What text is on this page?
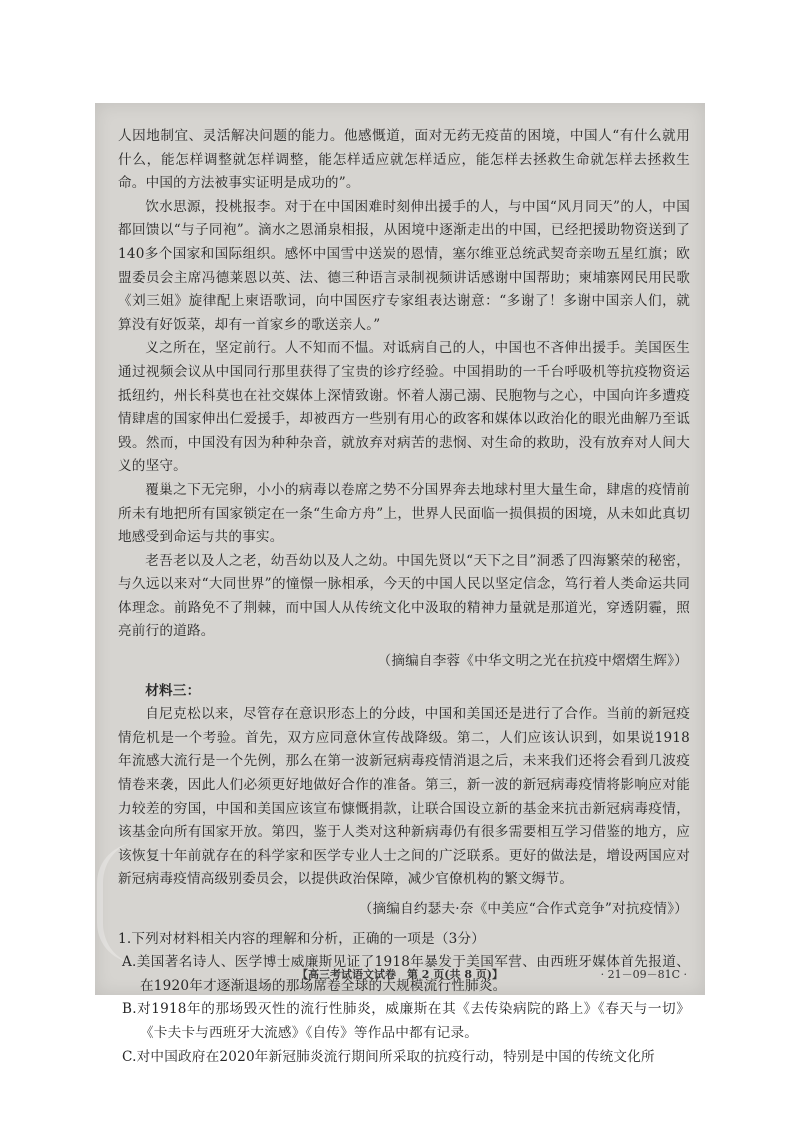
人因地制宜、灵活解决问题的能力。他感慨道，面对无药无疫苗的困境，中国人“有什么就用什么，能怎样调整就怎样调整，能怎样适应就怎样适应，能怎样去拯救生命就怎样去拯救生命。中国的方法被事实证明是成功的”。

饮水思源，投桃报李。对于在中国困难时刻伸出援手的人，与中国“风月同天”的人，中国都回馈以“与子同袍”。滴水之恩涌泉相报，从困境中逐渐走出的中国，已经把援助物资送到了140多个国家和国际组织。感怀中国雪中送炭的恩情，塞尔维亚总统武契奇亲吻五星红旗；欧盟委员会主席冯德莱恩以英、法、德三种语言录制视频讲话感谢中国帮助；柬埔寨网民用民歌《刘三姐》旋律配上柬语歌词，向中国医疗专家组表达谢意：“多谢了！多谢中国亲人们，就算没有好饭菜，却有一首家乡的歌送亲人。”

义之所在，坚定前行。人不知而不愠。对诋病自己的人，中国也不吝伸出援手。美国医生通过视频会议从中国同行那里获得了宝贵的诊疗经验。中国捐助的一千台呼吸机等抗疫物资运抵纽约，州长科莫也在社交媒体上深情致谢。怀着人溺己溺、民胞物与之心，中国向许多遭疫情肆虐的国家伸出仁爱援手，却被西方一些别有用心的政客和媒体以政治化的眼光曲解乃至诋毁。然而，中国没有因为种种杂音，就放弃对病苦的悲悯、对生命的救助，没有放弃对人间大义的坚守。

覆巢之下无完卵，小小的病毒以卷席之势不分国界奔去地球村里大量生命，肆虐的疫情前所未有地把所有国家锁定在一条“生命方舟”上，世界人民面临一损俱损的困境，从未如此真切地感受到命运与共的事实。

老吾老以及人之老，幼吾幼以及人之幼。中国先贤以“天下之目”洞悉了四海繁荣的秘密，与久远以来对“大同世界”的憧憬一脉相承，今天的中国人民以坚定信念，笃行着人类命运共同体理念。前路免不了荆棘，而中国人从传统文化中汲取的精神力量就是那道光，穿透阴霾，照亮前行的道路。

（摘编自李蓉《中华文明之光在抗疫中熠熠生辉》）

材料三：

自尼克松以来，尽管存在意识形态上的分歧，中国和美国还是进行了合作。当前的新冠疫情危机是一个考验。首先，双方应同意休宣传战降级。第二，人们应该认识到，如果说1918年流感大流行是一个先例，那么在第一波新冠病毒疫情消退之后，未来我们还将会看到几波疫情卷来袭，因此人们必须更好地做好合作的准备。第三，新一波的新冠病毒疫情将影响应对能力较差的穷国，中国和美国应该宣布慷慨捐款，让联合国设立新的基金来抗击新冠病毒疫情，该基金向所有国家开放。第四，鉴于人类对这种新病毒仍有很多需要相互学习借鉴的地方，应该恢复十年前就存在的科学家和医学专业人士之间的广泛联系。更好的做法是，增设两国应对新冠病毒疫情高级别委员会，以提供政治保障，减少官僚机构的繁文缛节。

（摘编自约瑟夫·奈《中美应“合作式竞争”对抗疫情》）

1.下列对材料相关内容的理解和分析，正确的一项是（3分）

A.美国著名诗人、医学博士威廉斯见证了1918年暴发于美国军营、由西班牙媒体首先报道、在1920年才逐渐退场的那场席卷全球的大规模流行性肺炎。

B.对1918年的那场毁灭性的流行性肺炎，威廉斯在其《去传染病院的路上》《春天与一切》《卡夫卡与西班牙大流感》《自传》等作品中都有记录。

C.对中国政府在2020年新冠肺炎流行期间所采取的抗疫行动，特别是中国的传统文化所

【高三考试语文试卷　第 2 页(共 8 页)】	· 21－09－81C ·
